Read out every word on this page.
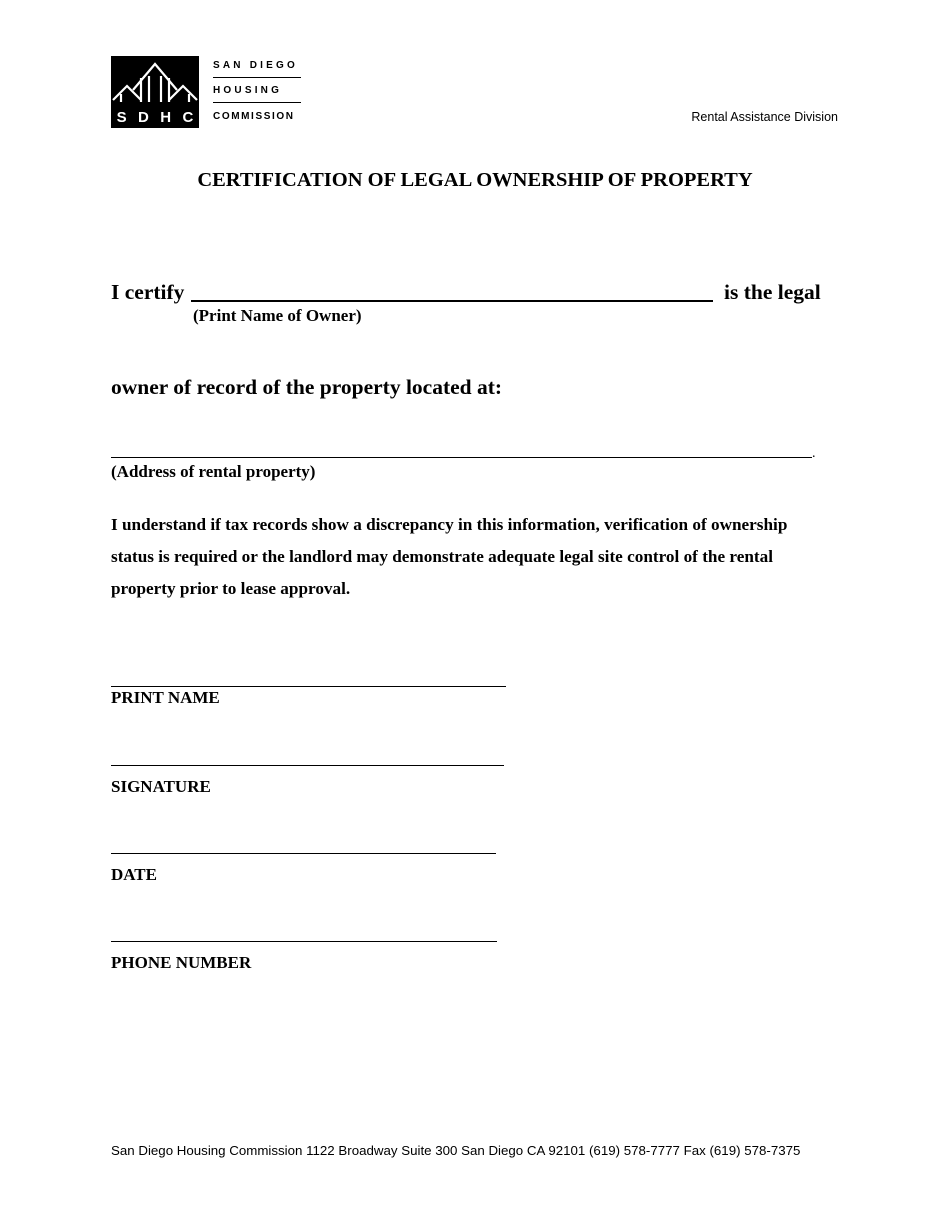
S D H C
SAN DIEGO
HOUSING
COMMISSION	Rental Assistance Division
CERTIFICATION OF LEGAL OWNERSHIP OF PROPERTY
I certify	is the legal
(Print Name of Owner)
owner of record of the property located at:
.
(Address of rental property)
I understand if tax records show a discrepancy in this information, verification of ownership status is required or the landlord may demonstrate adequate legal site control of the rental property prior to lease approval.
PRINT NAME
SIGNATURE
DATE
PHONE NUMBER
San Diego Housing Commission 1122 Broadway Suite 300 San Diego CA 92101 (619) 578-7777 Fax (619) 578-7375
